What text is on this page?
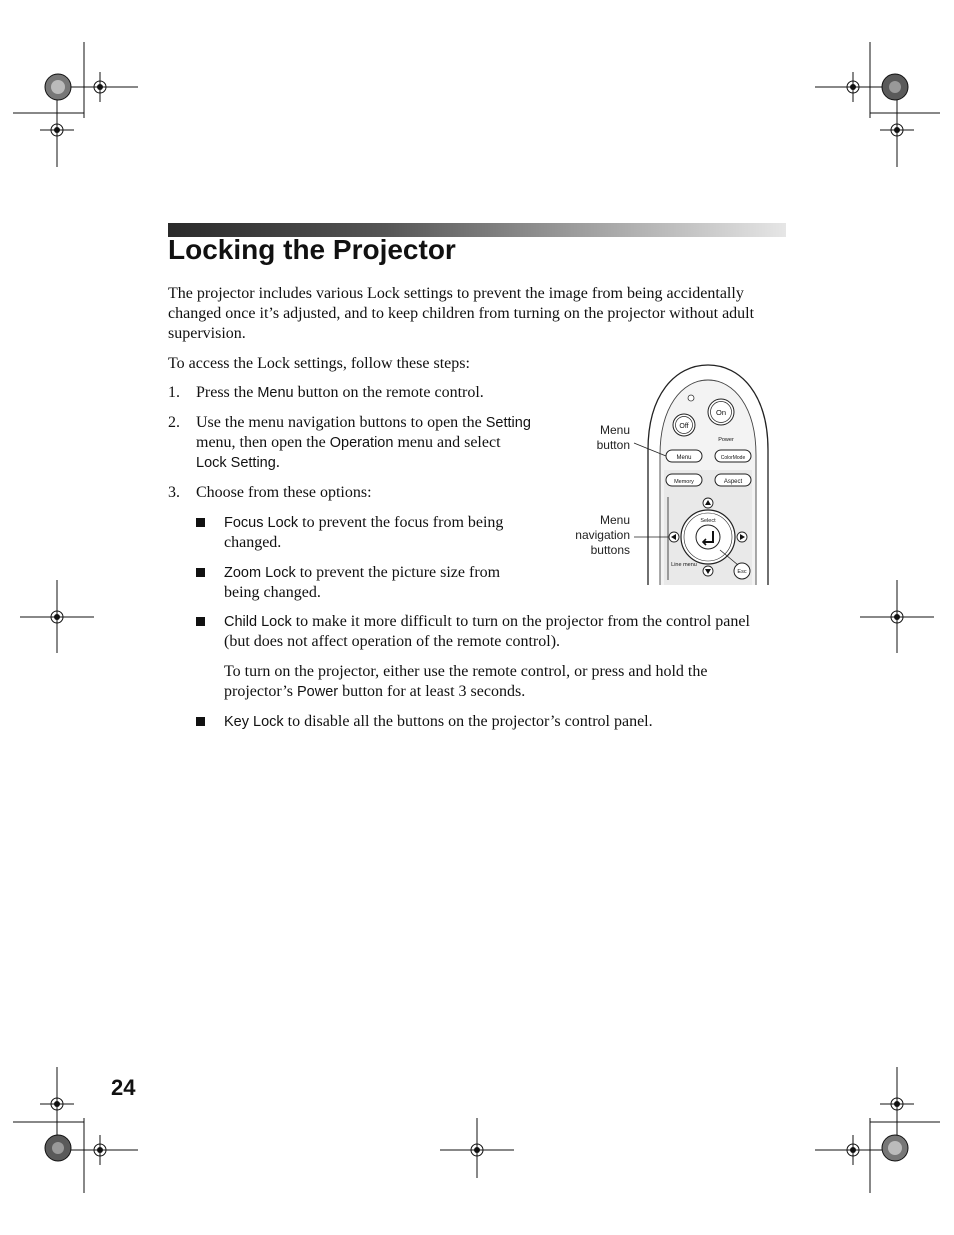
Locking the Projector

The projector includes various Lock settings to prevent the image from being accidentally changed once it’s adjusted, and to keep children from turning on the projector without adult supervision.

To access the Lock settings, follow these steps:

1.	Press the Menu button on the remote control.
2.	Use the menu navigation buttons to open the Setting
menu, then open the Operation menu and select
Lock Setting.
3.	Choose from these options:
Focus Lock to prevent the focus from being
changed.
Zoom Lock to prevent the picture size from
being changed.
Child Lock to make it more difficult to turn on the projector from the control panel
(but does not affect operation of the remote control).
To turn on the projector, either use the remote control, or press and hold the
projector’s Power button for at least 3 seconds.
Key Lock to disable all the buttons on the projector’s control panel.
Menu
button
Menu
navigation
buttons
On
Off
Power
Menu	ColorMode
Memory	Aspect
Select
Line menu
Esc

24
